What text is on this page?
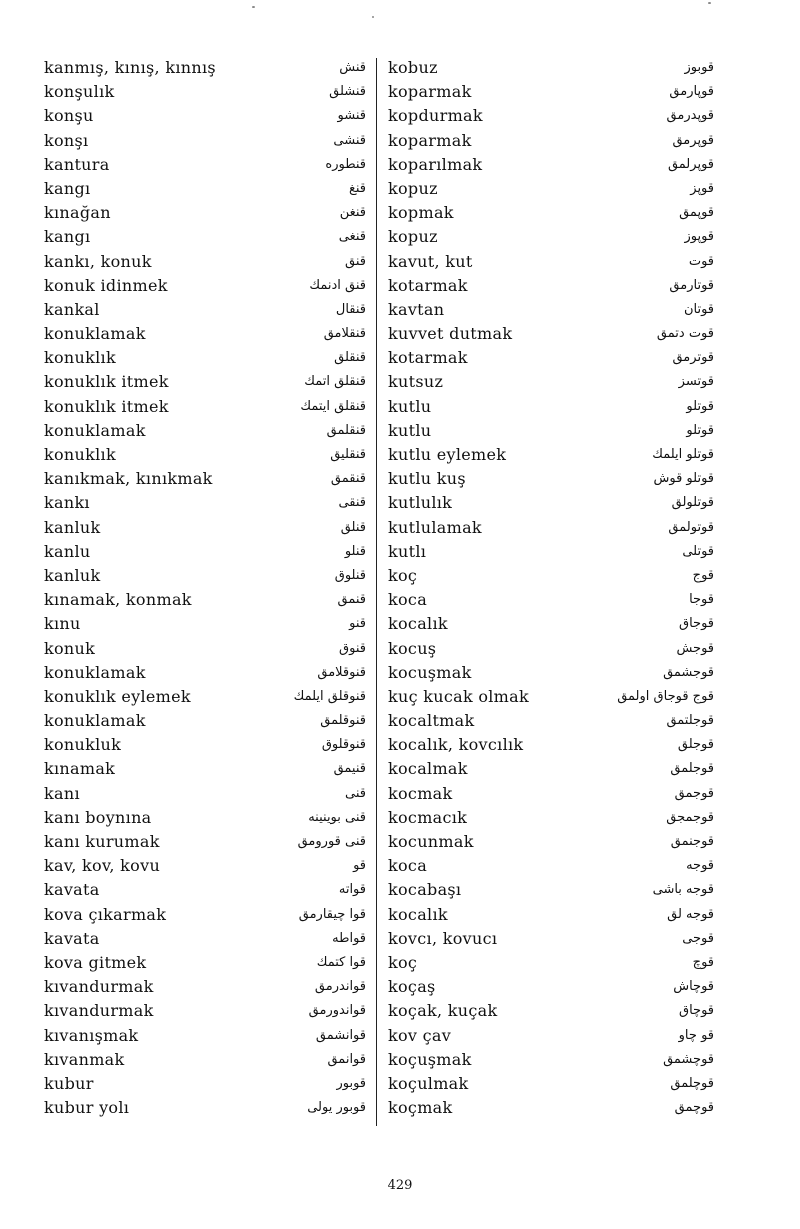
kanmış, kınış, kınnış	قنش
konşulık	قنشلق
konşu	قنشو
konşı	قنشی
kantura	قنطوره
kangı	قنغ
kınağan	قنغن
kangı	قنغی
kankı, konuk	قنق
konuk idinmek	قنق ادنمك
kankal	قنقال
konuklamak	قنقلامق
konuklık	قنقلق
konuklık itmek	قنقلق اتمك
konuklık itmek	قنقلق ایتمك
konuklamak	قنقلمق
konuklık	قنقلیق
kanıkmak, kınıkmak	قنقمق
kankı	قنقی
kanluk	قنلق
kanlu	قنلو
kanluk	قنلوق
kınamak, konmak	قنمق
kınu	قنو
konuk	قنوق
konuklamak	قنوقلامق
konuklık eylemek	قنوقلق ایلمك
konuklamak	قنوقلمق
konukluk	قنوقلوق
kınamak	قنیمق
kanı	قنی
kanı boynına	قنی بوینینه
kanı kurumak	قنی قورومق
kav, kov, kovu	قو
kavata	قواته
kova çıkarmak	قوا چیقارمق
kavata	قواطه
kova gitmek	قوا كتمك
kıvandurmak	قواندرمق
kıvandurmak	قواندورمق
kıvanışmak	قوانشمق
kıvanmak	قوانمق
kubur	قوبور
kubur yolı	قوبور یولی
kobuz	قوبوز
koparmak	قوپارمق
kopdurmak	قوپدرمق
koparmak	قوپرمق
koparılmak	قوپرلمق
kopuz	قوپز
kopmak	قوپمق
kopuz	قوپوز
kavut, kut	قوت
kotarmak	قوتارمق
kavtan	قوتان
kuvvet dutmak	قوت دتمق
kotarmak	قوترمق
kutsuz	قوتسز
kutlu	قوتلو
kutlu	قوتلو
kutlu eylemek	قوتلو ایلمك
kutlu kuş	قوتلو قوش
kutlulık	قوتلولق
kutlulamak	قوتولمق
kutlı	قوتلی
koç	قوج
koca	قوجا
kocalık	قوجاق
kocuş	قوجش
kocuşmak	قوجشمق
kuç kucak olmak	قوج قوجاق اولمق
kocaltmak	قوجلتمق
kocalık, kovcılık	قوجلق
kocalmak	قوجلمق
kocmak	قوجمق
kocmacık	قوجمجق
kocunmak	قوجنمق
koca	قوجه
kocabaşı	قوجه باشی
kocalık	قوجه لق
kovcı, kovucı	قوجی
koç	قوچ
koçaş	قوچاش
koçak, kuçak	قوچاق
kov çav	قو چاو
koçuşmak	قوچشمق
koçulmak	قوچلمق
koçmak	قوچمق
429
